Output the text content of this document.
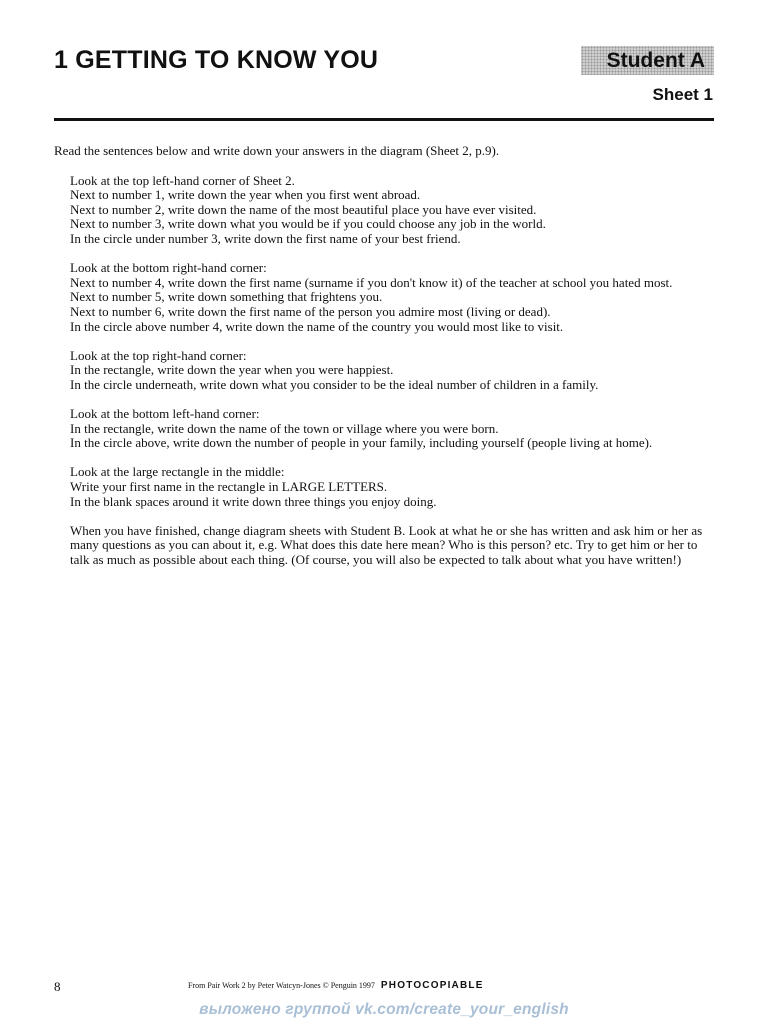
1 GETTING TO KNOW YOU	Student A
Sheet 1

Read the sentences below and write down your answers in the diagram (Sheet 2, p.9).

Look at the top left-hand corner of Sheet 2.

Next to number 1, write down the year when you first went abroad.

Next to number 2, write down the name of the most beautiful place you have ever visited.

Next to number 3, write down what you would be if you could choose any job in the world.

In the circle under number 3, write down the first name of your best friend.

Look at the bottom right-hand corner:

Next to number 4, write down the first name (surname if you don't know it) of the teacher at school you hated most.

Next to number 5, write down something that frightens you.

Next to number 6, write down the first name of the person you admire most (living or dead).

In the circle above number 4, write down the name of the country you would most like to visit.

Look at the top right-hand corner:

In the rectangle, write down the year when you were happiest.

In the circle underneath, write down what you consider to be the ideal number of children in a family.

Look at the bottom left-hand corner:

In the rectangle, write down the name of the town or village where you were born.

In the circle above, write down the number of people in your family, including yourself (people living at home).

Look at the large rectangle in the middle:

Write your first name in the rectangle in LARGE LETTERS.

In the blank spaces around it write down three things you enjoy doing.

When you have finished, change diagram sheets with Student B. Look at what he or she has written and ask him or her as many questions as you can about it, e.g. What does this date here mean? Who is this person? etc. Try to get him or her to talk as much as possible about each thing. (Of course, you will also be expected to talk about what you have written!)

8	From Pair Work 2 by Peter Watcyn-Jones © Penguin 1997 PHOTOCOPIABLE
выложено группой vk.com/create_your_english
